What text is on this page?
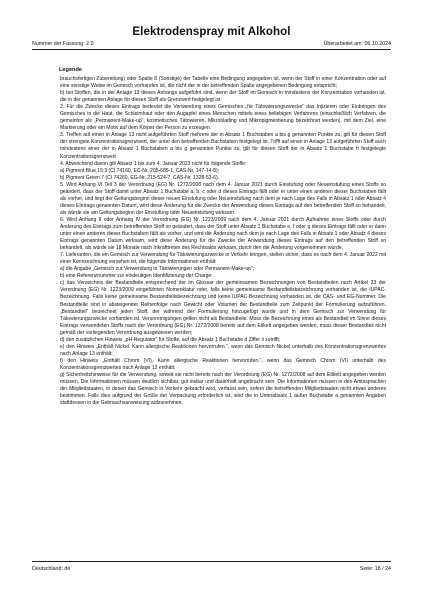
Elektrodenspray mit Alkohol
Nummer der Fassung: 2.0	Überarbeitet am: 06.10.2024
Legende

brauchsfertigen Zubereitung) oder Spalte 8 (Sonstige) der Tabelle eine Bedingung angegeben ist, wenn der Stoff in einer Konzentration oder auf eine sonstige Weise im Gemisch vorhanden ist, die nicht der in der betreffenden Spalte angegebenen Bedingung entspricht;

b) bei Stoffen, die in der Anlage 13 dieses Anhangs aufgeführt sind, wenn der Stoff im Gemisch in mindestens der Konzentration vorhanden ist, die in der genannten Anlage für diesen Stoff als Grenzwert festgelegt ist.

2. Für die Zwecke dieses Eintrags bedeutet die Verwendung eines Gemisches „für Tätowierungszwecke“ das Injizieren oder Einbringen des Gemisches in die Haut, die Schleimhaut oder den Augapfel eines Menschen mittels eines beliebigen Verfahrens (einschließlich Verfahren, die gemeinhin als „Permanent-Make-up“, kosmetisches Tätowieren, Mikroblading und Mikropigmentierung bezeichnet werden), mit dem Ziel, eine Markierung oder ein Motiv auf dem Körper der Person zu erzeugen.

3. Treffen auf einen in Anlage 13 nicht aufgeführten Stoff mehrere der in Absatz 1 Buchstaben a bis g genannten Punkte zu, gilt für diesen Stoff der strengste Konzentrationsgrenzwert, der unter den betreffenden Buchstaben festgelegt ist. Trifft auf einen in Anlage 13 aufgeführten Stoff auch mindestens einer der in Absatz 1 Buchstaben a bis g genannten Punkte zu, gilt für diesen Stoff der in Absatz 1 Buchstabe h festgelegte Konzentrationsgrenzwert.

4. Abweichend davon gilt Absatz 1 bis zum 4. Januar 2023 nicht für folgende Stoffe:

a) Pigment Blue 15:3 (CI 74160, EC-Nr. 205-685-1, CAS-Nr. 147-14-8);

b) Pigment Green 7 (CI 74260, EG-Nr. 215-524-7, CAS-Nr. 1328-53-6).

5. Wird Anhang VI Teil 3 der Verordnung (EG) Nr. 1272/2008 nach dem 4. Januar 2021 durch Einstufung oder Neueinstufung eines Stoffs so geändert, dass der Stoff damit unter Absatz 1 Buchstabe a, b, c oder d dieses Eintrags fällt oder er unter einen anderen dieser Buchstaben fällt als vorher, und liegt der Geltungsbeginn dieser neuen Einstufung oder Neueinstufung nach dem je nach Lage des Falls in Absatz 1 oder Absatz 4 dieses Eintrags genannten Datum, wird diese Änderung für die Zwecke der Anwendung dieses Eintrags auf den betreffenden Stoff so behandelt, als würde sie am Geltungsbeginn der Einstufung oder Neueinstufung wirksam.

6. Wird Anhang II oder Anhang IV der Verordnung (EG) Nr. 1223/2009 nach dem 4. Januar 2021 durch Aufnahme eines Stoffs oder durch Änderung des Eintrags zum betreffenden Stoff so geändert, dass der Stoff unter Absatz 1 Buchstabe e, f oder g dieses Eintrags fällt oder er dann unter einen anderen dieser Buchstaben fällt als vorher, und wird die Änderung nach dem je nach Lage des Falls in Absatz 1 oder Absatz 4 dieses Eintrags genannten Datum wirksam, wird diese Änderung für die Zwecke der Anwendung dieses Eintrags auf den betreffenden Stoff so behandelt, als würde sie 18 Monate nach Inkrafttreten des Rechtsakts wirksam, durch den die Änderung vorgenommen wurde.

7. Lieferanten, die ein Gemisch zur Verwendung für Tätowierungszwecke in Verkehr bringen, stellen sicher, dass es nach dem 4. Januar 2022 mit einer Kennzeichnung versehen ist, die folgende Informationen enthält:

a) die Angabe „Gemisch zur Verwendung in Tätowierungen oder Permanent-Make-up“;

b) eine Referenznummer zur eindeutigen Identifizierung der Charge;

c) das Verzeichnis der Bestandteile entsprechend der im Glossar der gemeinsamen Bezeichnungen von Bestandteilen nach Artikel 33 der Verordnung (EG) Nr. 1223/2009 eingeführten Nomenklatur oder, falls keine gemeinsame Bestandteilsbezeichnung vorhanden ist, die IUPAC-Bezeichnung. Falls keine gemeinsame Bestandteilsbezeichnung und keine IUPAC-Bezeichnung vorhanden ist, die CAS- und EG-Nummer. Die Bestandteile sind in absteigender Reihenfolge nach Gewicht oder Volumen der Bestandteile zum Zeitpunkt der Formulierung aufzuführen. „Bestandteil“ bezeichnet jeden Stoff, der während der Formulierung hinzugefügt wurde und in dem Gemisch zur Verwendung für Tätowierungszwecke vorhanden ist. Verunreinigungen gelten nicht als Bestandteile. Muss die Bezeichnung eines als Bestandteil im Sinne dieses Eintrags verwendeten Stoffs nach der Verordnung (EG) Nr. 1272/2008 bereits auf dem Etikett angegeben werden, muss dieser Bestandteil nicht gemäß der vorliegenden Verordnung ausgewiesen werden;

d) den zusätzlichen Hinweis „pH-Regulator“ für Stoffe, auf die Absatz 1 Buchstabe d Ziffer ii zutrifft;

e) den Hinweis „Enthält Nickel. Kann allergische Reaktionen hervorrufen.“, wenn das Gemisch Nickel unterhalb des Konzentrationsgrenzwertes nach Anlage 13 enthält;

f) den Hinweis „Enthält Chrom (VI). Kann allergische Reaktionen hervorrufen.“, wenn das Gemisch Chrom (VI) unterhalb des Konzentrationsgrenzwertes nach Anlage 13 enthält;

g) Sicherheitshinweise für die Verwendung, soweit sie nicht bereits nach der Verordnung (EG) Nr. 1272/2008 auf dem Etikett angegeben werden müssen. Die Informationen müssen deutlich sichtbar, gut lesbar und dauerhaft angebracht sein. Die Informationen müssen in den Amtssprachen der Mitgliedstaaten, in denen das Gemisch in Verkehr gebracht wird, verfasst sein, sofern die betreffenden Mitgliedstaaten nicht etwas anderes bestimmen. Falls dies aufgrund der Größe der Verpackung erforderlich ist, sind die in Unterabsatz 1 außer Buchstabe a genannten Angaben stattdessen in die Gebrauchsanweisung aufzunehmen.

Deutschland: de	Seite: 18 / 24
